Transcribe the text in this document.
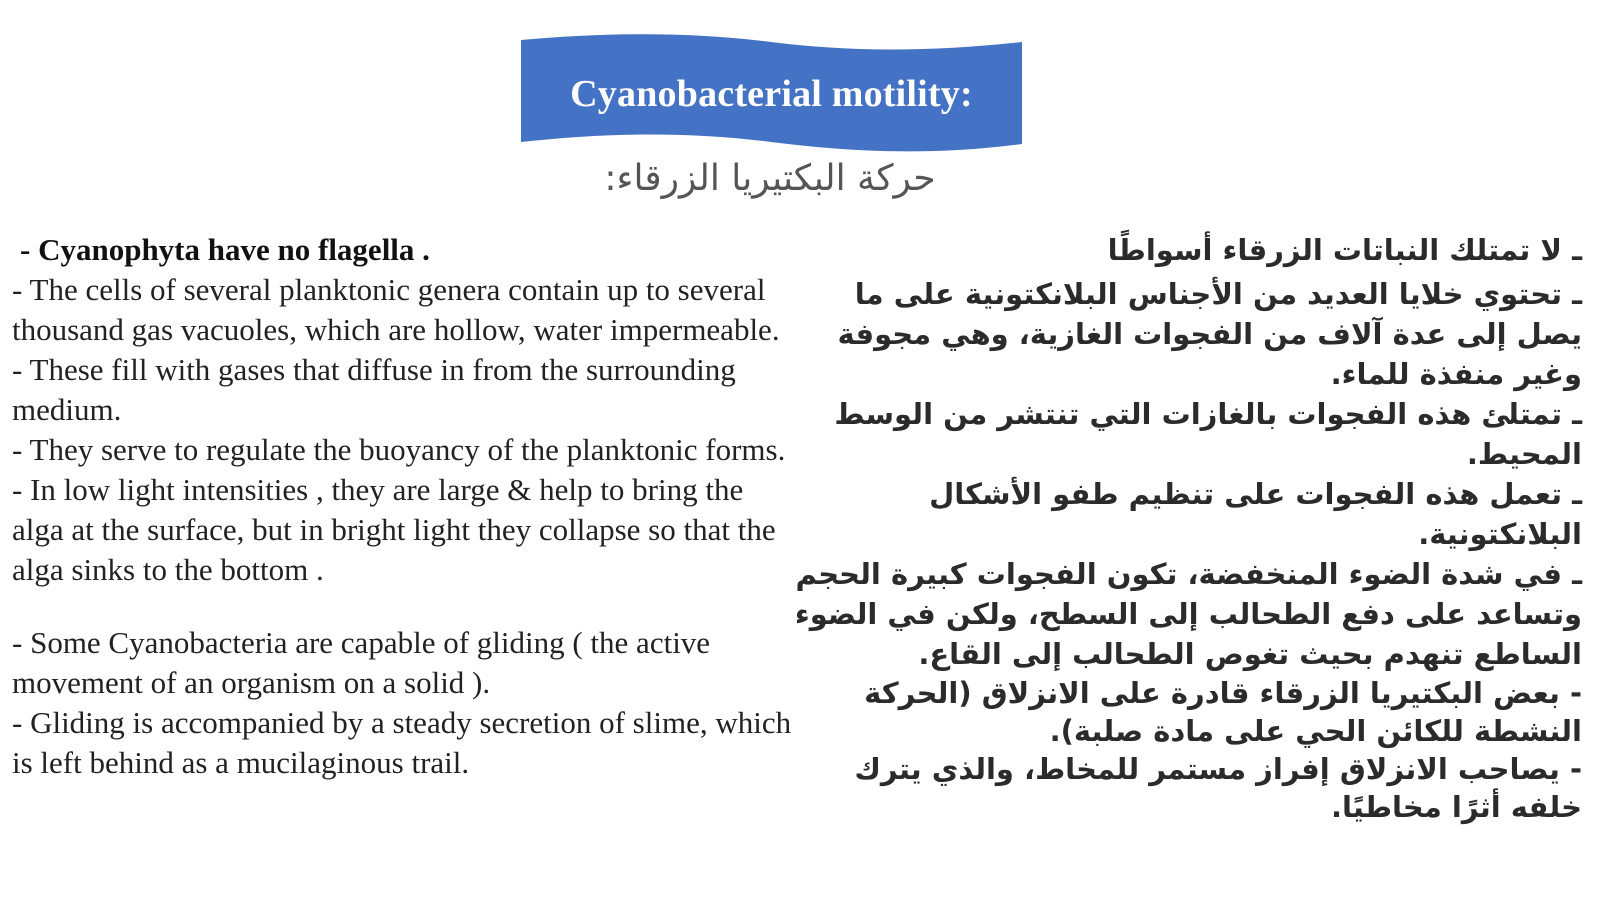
Cyanobacterial motility:
حركة البكتيريا الزرقاء:

- Cyanophyta have no flagella .

- The cells of several planktonic genera contain up to several thousand gas vacuoles, which are hollow, water impermeable.

- These fill with gases that diffuse in from the surrounding medium.

- They serve to regulate the buoyancy of the planktonic forms.

- In low light intensities , they are large & help to bring the alga at the surface, but in bright light they collapse so that the alga sinks to the bottom .

- Some Cyanobacteria are capable of gliding ( the active movement of an organism on a solid ).

- Gliding is accompanied by a steady secretion of slime, which is left behind as a mucilaginous trail.

ـ لا تمتلك النباتات الزرقاء أسواطًا

ـ تحتوي خلايا العديد من الأجناس البلانكتونية على ما يصل إلى عدة آلاف من الفجوات الغازية، وهي مجوفة وغير منفذة للماء.

ـ تمتلئ هذه الفجوات بالغازات التي تنتشر من الوسط المحيط.

ـ تعمل هذه الفجوات على تنظيم طفو الأشكال البلانكتونية.

ـ في شدة الضوء المنخفضة، تكون الفجوات كبيرة الحجم وتساعد على دفع الطحالب إلى السطح، ولكن في الضوء الساطع تنهدم بحيث تغوص الطحالب إلى القاع.

- بعض البكتيريا الزرقاء قادرة على الانزلاق (الحركة النشطة للكائن الحي على مادة صلبة).

- يصاحب الانزلاق إفراز مستمر للمخاط، والذي يترك خلفه أثرًا مخاطيًا.
